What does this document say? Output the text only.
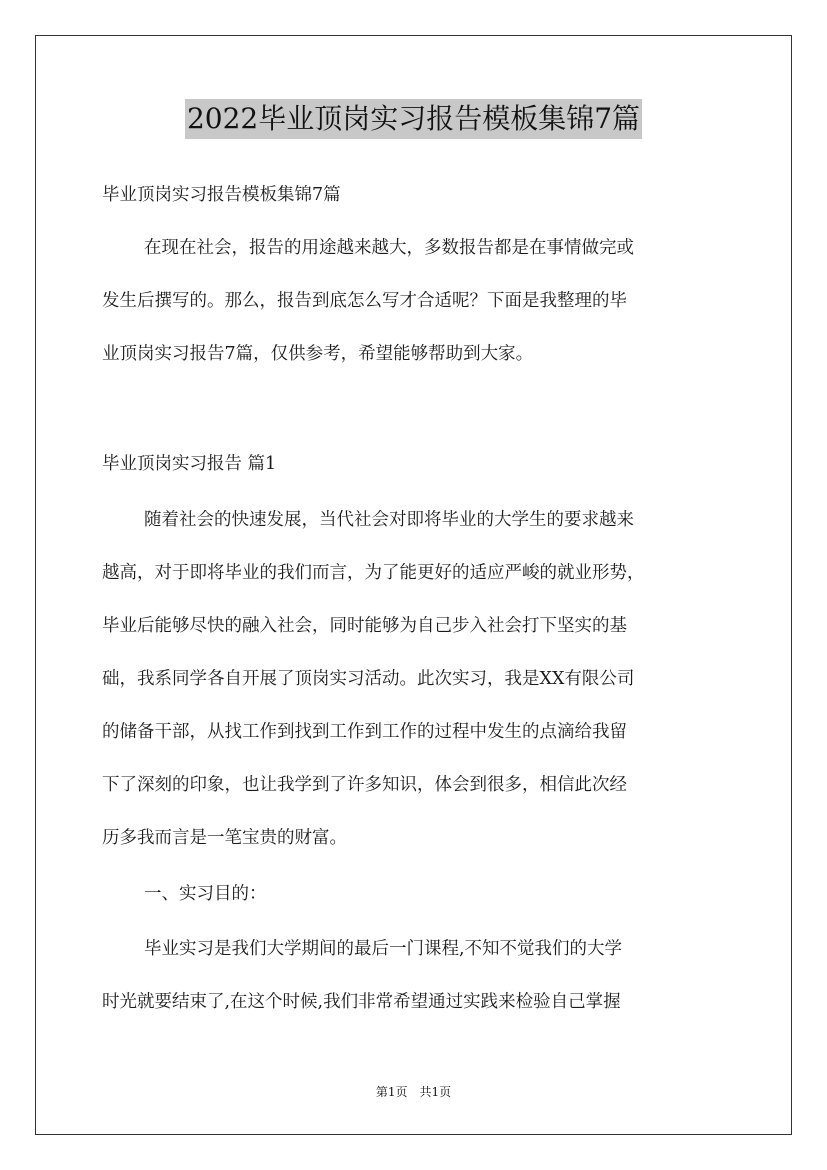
2022毕业顶岗实习报告模板集锦7篇
毕业顶岗实习报告模板集锦7篇
在现在社会，报告的用途越来越大，多数报告都是在事情做完或
发生后撰写的。那么，报告到底怎么写才合适呢？下面是我整理的毕
业顶岗实习报告7篇，仅供参考，希望能够帮助到大家。
毕业顶岗实习报告 篇1
随着社会的快速发展，当代社会对即将毕业的大学生的要求越来
越高，对于即将毕业的我们而言，为了能更好的适应严峻的就业形势，
毕业后能够尽快的融入社会，同时能够为自己步入社会打下坚实的基
础，我系同学各自开展了顶岗实习活动。此次实习，我是XX有限公司
的储备干部，从找工作到找到工作到工作的过程中发生的点滴给我留
下了深刻的印象，也让我学到了许多知识，体会到很多，相信此次经
历多我而言是一笔宝贵的财富。
一、实习目的：
毕业实习是我们大学期间的最后一门课程,不知不觉我们的大学
时光就要结束了,在这个时候,我们非常希望通过实践来检验自己掌握
第1页　共1页
